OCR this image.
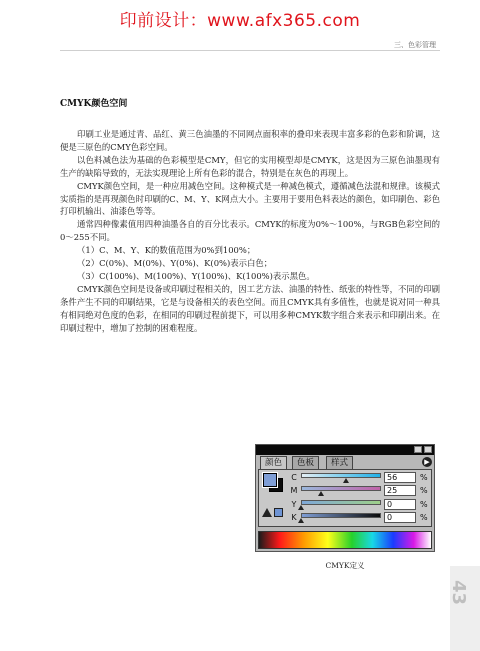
印前设计：www.afx365.com
三、色彩管理
CMYK颜色空间

印刷工业是通过青、品红、黄三色油墨的不同网点面积率的叠印来表现丰富多彩的色彩和阶调，这便是三原色的CMY色彩空间。

以色料减色法为基础的色彩模型是CMY，但它的实用模型却是CMYK，这是因为三原色油墨现有生产的缺陷导致的，无法实现理论上所有色彩的混合，特别是在灰色的再现上。

CMYK颜色空间，是一种应用减色空间。这种模式是一种减色模式，遵循减色法混和规律。该模式实质指的是再现颜色时印刷的C、M、Y、K网点大小。主要用于要用色料表达的颜色，如印刷色、彩色打印机输出、油漆色等等。

通常四种像素值用四种油墨各自的百分比表示。CMYK的标度为0%～100%，与RGB色彩空间的0～255不同。

（1）C、M、Y、K的数值范围为0%到100%；

（2）C(0%)、M(0%)、Y(0%)、K(0%)表示白色；

（3）C(100%)、M(100%)、Y(100%)、K(100%)表示黑色。

CMYK颜色空间是设备或印刷过程相关的，因工艺方法、油墨的特性、纸张的特性等，不同的印刷条件产生不同的印刷结果，它是与设备相关的表色空间。而且CMYK具有多值性，也就是说对同一种具有相同绝对色度的色彩，在相同的印刷过程前提下，可以用多种CMYK数字组合来表示和印刷出来。在印刷过程中，增加了控制的困难程度。

颜色	色板	样式	▶
C	56	%
M	25	%
Y	0	%
K	0	%
CMYK定义
43
